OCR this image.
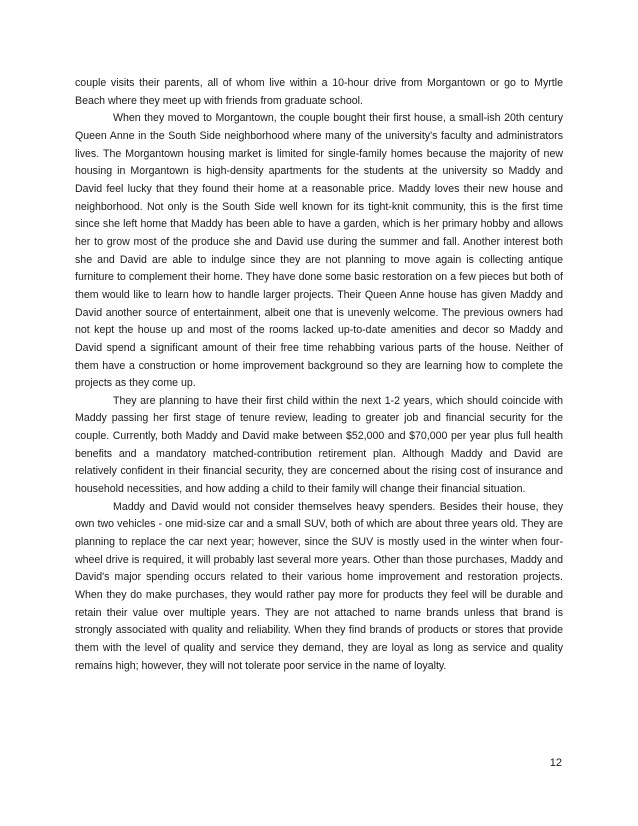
couple visits their parents, all of whom live within a 10-hour drive from Morgantown or go to Myrtle Beach where they meet up with friends from graduate school.

When they moved to Morgantown, the couple bought their first house, a small-ish 20th century Queen Anne in the South Side neighborhood where many of the university's faculty and administrators lives. The Morgantown housing market is limited for single-family homes because the majority of new housing in Morgantown is high-density apartments for the students at the university so Maddy and David feel lucky that they found their home at a reasonable price. Maddy loves their new house and neighborhood. Not only is the South Side well known for its tight-knit community, this is the first time since she left home that Maddy has been able to have a garden, which is her primary hobby and allows her to grow most of the produce she and David use during the summer and fall. Another interest both she and David are able to indulge since they are not planning to move again is collecting antique furniture to complement their home. They have done some basic restoration on a few pieces but both of them would like to learn how to handle larger projects. Their Queen Anne house has given Maddy and David another source of entertainment, albeit one that is unevenly welcome. The previous owners had not kept the house up and most of the rooms lacked up-to-date amenities and decor so Maddy and David spend a significant amount of their free time rehabbing various parts of the house. Neither of them have a construction or home improvement background so they are learning how to complete the projects as they come up.

They are planning to have their first child within the next 1-2 years, which should coincide with Maddy passing her first stage of tenure review, leading to greater job and financial security for the couple. Currently, both Maddy and David make between $52,000 and $70,000 per year plus full health benefits and a mandatory matched-contribution retirement plan. Although Maddy and David are relatively confident in their financial security, they are concerned about the rising cost of insurance and household necessities, and how adding a child to their family will change their financial situation.

Maddy and David would not consider themselves heavy spenders. Besides their house, they own two vehicles - one mid-size car and a small SUV, both of which are about three years old. They are planning to replace the car next year; however, since the SUV is mostly used in the winter when four-wheel drive is required, it will probably last several more years. Other than those purchases, Maddy and David's major spending occurs related to their various home improvement and restoration projects. When they do make purchases, they would rather pay more for products they feel will be durable and retain their value over multiple years. They are not attached to name brands unless that brand is strongly associated with quality and reliability. When they find brands of products or stores that provide them with the level of quality and service they demand, they are loyal as long as service and quality remains high; however, they will not tolerate poor service in the name of loyalty.

12
